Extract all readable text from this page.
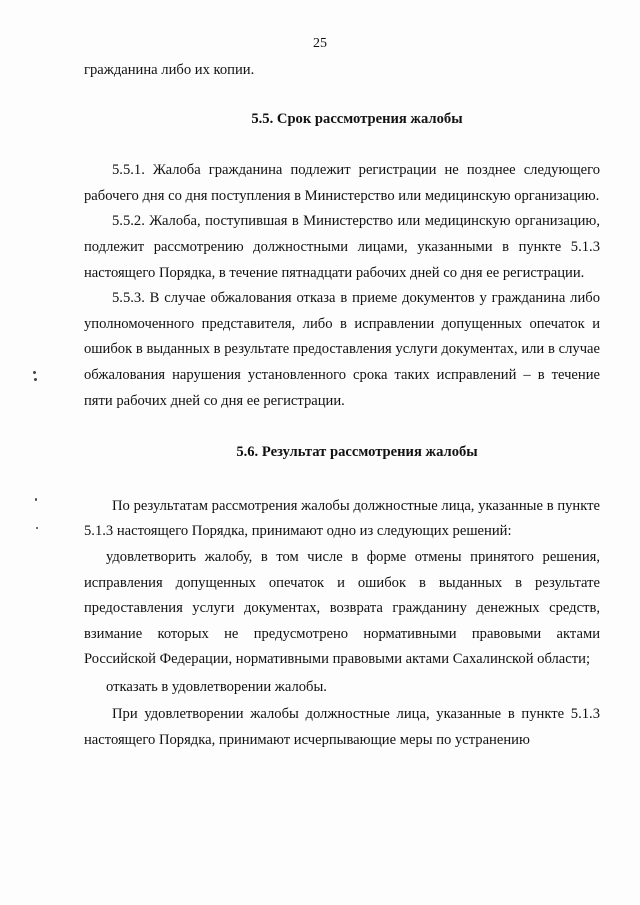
25

гражданина либо их копии.

5.5. Срок рассмотрения жалобы

5.5.1. Жалоба гражданина подлежит регистрации не позднее следующего рабочего дня со дня поступления в Министерство или медицинскую организацию.

5.5.2. Жалоба, поступившая в Министерство или медицинскую организацию, подлежит рассмотрению должностными лицами, указанными в пункте 5.1.3 настоящего Порядка, в течение пятнадцати рабочих дней со дня ее регистрации.

5.5.3. В случае обжалования отказа в приеме документов у гражданина либо уполномоченного представителя, либо в исправлении допущенных опечаток и ошибок в выданных в результате предоставления услуги документах, или в случае обжалования нарушения установленного срока таких исправлений – в течение пяти рабочих дней со дня ее регистрации.

5.6. Результат рассмотрения жалобы

По результатам рассмотрения жалобы должностные лица, указанные в пункте 5.1.3 настоящего Порядка, принимают одно из следующих решений:

удовлетворить жалобу, в том числе в форме отмены принятого решения, исправления допущенных опечаток и ошибок в выданных в результате предоставления услуги документах, возврата гражданину денежных средств, взимание которых не предусмотрено нормативными правовыми актами Российской Федерации, нормативными правовыми актами Сахалинской области;

отказать в удовлетворении жалобы.

При удовлетворении жалобы должностные лица, указанные в пункте 5.1.3 настоящего Порядка, принимают исчерпывающие меры по устранению
